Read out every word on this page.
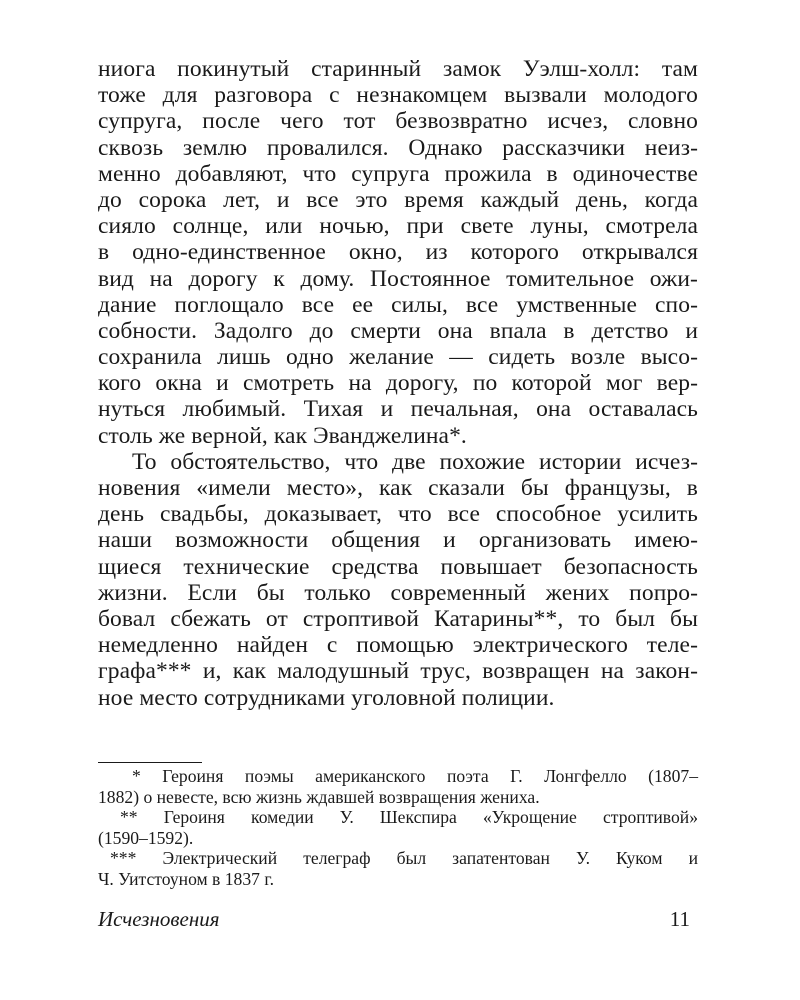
ниога покинутый старинный замок Уэлш-холл: там
тоже для разговора с незнакомцем вызвали молодого
супруга, после чего тот безвозвратно исчез, словно
сквозь землю провалился. Однако рассказчики неиз-
менно добавляют, что супруга прожила в одиночестве
до сорока лет, и все это время каждый день, когда
сияло солнце, или ночью, при свете луны, смотрела
в одно-единственное окно, из которого открывался
вид на дорогу к дому. Постоянное томительное ожи-
дание поглощало все ее силы, все умственные спо-
собности. Задолго до смерти она впала в детство и
сохранила лишь одно желание — сидеть возле высо-
кого окна и смотреть на дорогу, по которой мог вер-
нуться любимый. Тихая и печальная, она оставалась
столь же верной, как Эванджелина*.
То обстоятельство, что две похожие истории исчез-
новения «имели место», как сказали бы французы, в
день свадьбы, доказывает, что все способное усилить
наши возможности общения и организовать имею-
щиеся технические средства повышает безопасность
жизни. Если бы только современный жених попро-
бовал сбежать от строптивой Катарины**, то был бы
немедленно найден с помощью электрического теле-
графа*** и, как малодушный трус, возвращен на закон-
ное место сотрудниками уголовной полиции.
* Героиня поэмы американского поэта Г. Лонгфелло (1807–
1882) о невесте, всю жизнь ждавшей возвращения жениха.
** Героиня комедии У. Шекспира «Укрощение строптивой»
(1590–1592).
*** Электрический телеграф был запатентован У. Куком и
Ч. Уитстоуном в 1837 г.
Исчезновения	11
